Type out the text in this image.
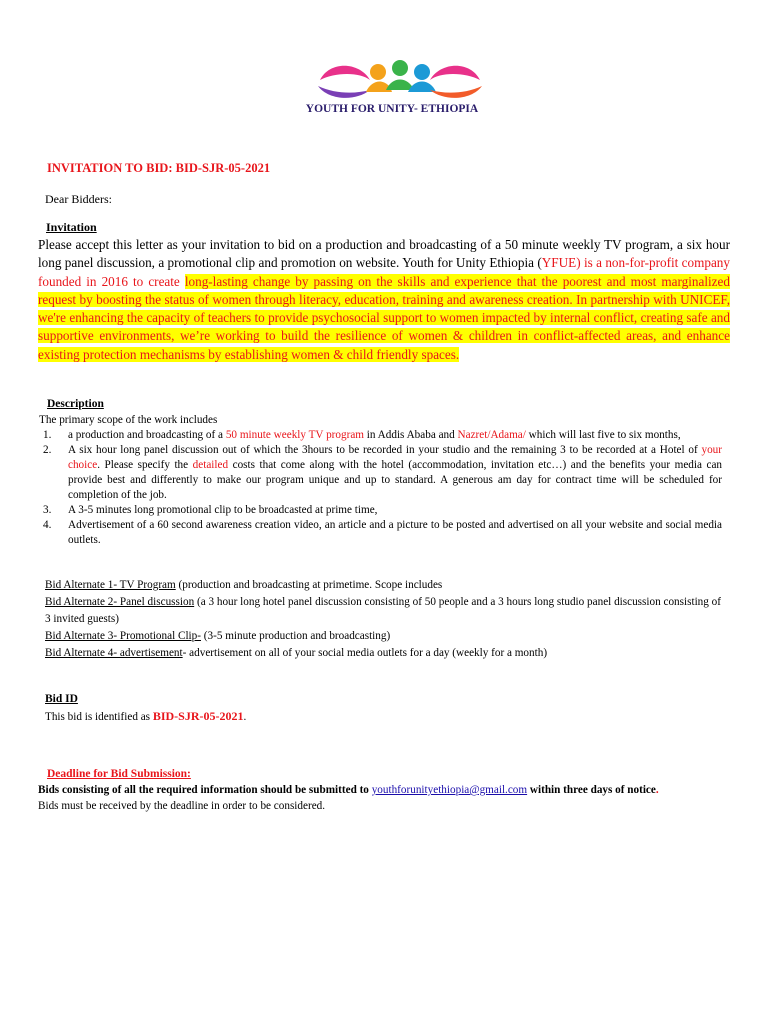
YOUTH FOR UNITY- ETHIOPIA
INVITATION TO BID: BID-SJR-05-2021
Dear Bidders:
Invitation
Please accept this letter as your invitation to bid on a production and broadcasting of a 50 minute weekly TV program, a six hour long panel discussion, a promotional clip and promotion on website. Youth for Unity Ethiopia (YFUE) is a non-for-profit company founded in 2016 to create long-lasting change by passing on the skills and experience that the poorest and most marginalized request by boosting the status of women through literacy, education, training and awareness creation. In partnership with UNICEF, we're enhancing the capacity of teachers to provide psychosocial support to women impacted by internal conflict, creating safe and supportive environments, we’re working to build the resilience of women & children in conflict-affected areas, and enhance existing protection mechanisms by establishing women & child friendly spaces.
Description
The primary scope of the work includes
1. a production and broadcasting of a 50 minute weekly TV program in Addis Ababa and Nazret/Adama/ which will last five to six months,
2. A six hour long panel discussion out of which the 3hours to be recorded in your studio and the remaining 3 to be recorded at a Hotel of your choice. Please specify the detailed costs that come along with the hotel (accommodation, invitation etc…) and the benefits your media can provide best and differently to make our program unique and up to standard. A generous am day for contract time will be scheduled for completion of the job.
3. A 3-5 minutes long promotional clip to be broadcasted at prime time,
4. Advertisement of a 60 second awareness creation video, an article and a picture to be posted and advertised on all your website and social media outlets.
Bid Alternate 1- TV Program (production and broadcasting at primetime. Scope includes
Bid Alternate 2- Panel discussion (a 3 hour long hotel panel discussion consisting of 50 people and a 3 hours long studio panel discussion consisting of 3 invited guests)
Bid Alternate 3- Promotional Clip- (3-5 minute production and broadcasting)
Bid Alternate 4- advertisement- advertisement on all of your social media outlets for a day (weekly for a month)
Bid ID
This bid is identified as BID-SJR-05-2021.
Deadline for Bid Submission:
Bids consisting of all the required information should be submitted to youthforunityethiopia@gmail.com within three days of notice.
Bids must be received by the deadline in order to be considered.
